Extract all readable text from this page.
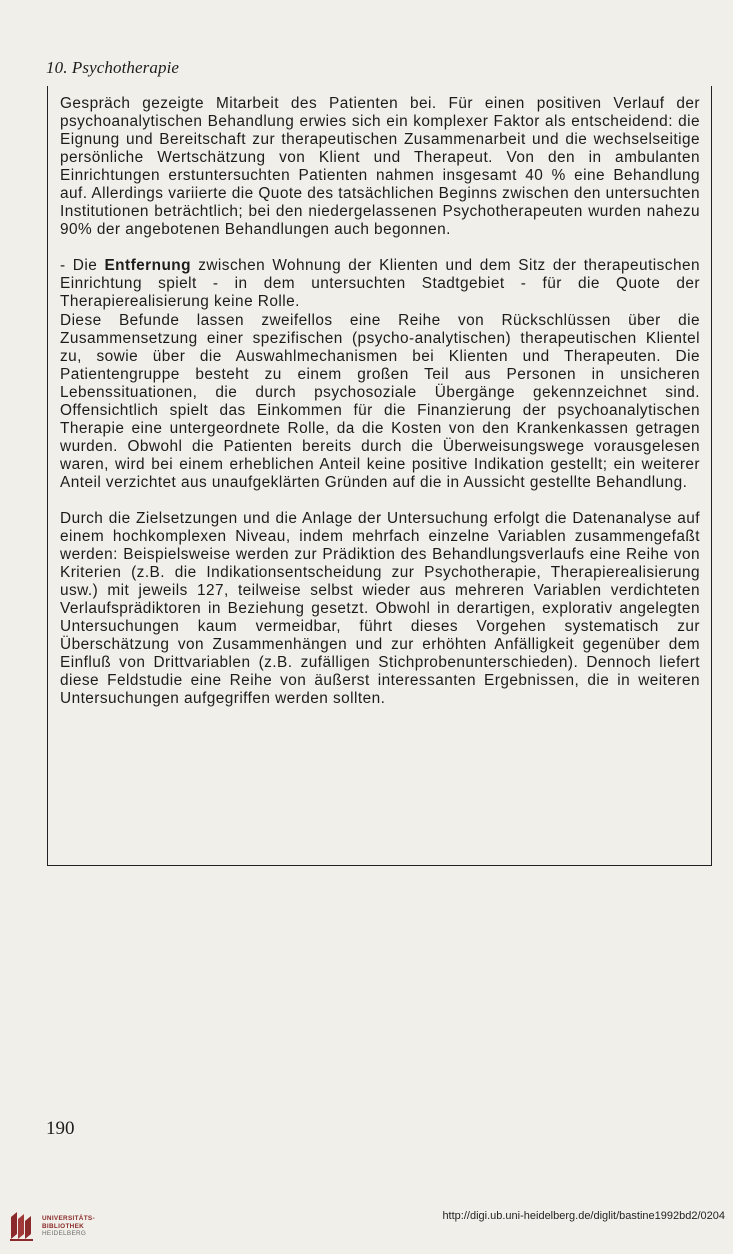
10. Psychotherapie

Gespräch gezeigte Mitarbeit des Patienten bei. Für einen positiven Verlauf der psychoanalytischen Behandlung erwies sich ein komplexer Faktor als entscheidend: die Eignung und Bereitschaft zur therapeutischen Zusammenarbeit und die wechselseitige persönliche Wertschätzung von Klient und Therapeut. Von den in ambulanten Einrichtungen erstuntersuchten Patienten nahmen insgesamt 40 % eine Behandlung auf. Allerdings variierte die Quote des tatsächlichen Beginns zwischen den untersuchten Institutionen beträchtlich; bei den niedergelassenen Psychotherapeuten wurden nahezu 90% der angebotenen Behandlungen auch begonnen.

- Die Entfernung zwischen Wohnung der Klienten und dem Sitz der therapeutischen Einrichtung spielt - in dem untersuchten Stadtgebiet - für die Quote der Therapierealisierung keine Rolle.

Diese Befunde lassen zweifellos eine Reihe von Rückschlüssen über die Zusammensetzung einer spezifischen (psycho-analytischen) therapeutischen Klientel zu, sowie über die Auswahlmechanismen bei Klienten und Therapeuten. Die Patientengruppe besteht zu einem großen Teil aus Personen in unsicheren Lebenssituationen, die durch psychosoziale Übergänge gekennzeichnet sind. Offensichtlich spielt das Einkommen für die Finanzierung der psychoanalytischen Therapie eine untergeordnete Rolle, da die Kosten von den Krankenkassen getragen wurden. Obwohl die Patienten bereits durch die Überweisungswege vorausgelesen waren, wird bei einem erheblichen Anteil keine positive Indikation gestellt; ein weiterer Anteil verzichtet aus unaufgeklärten Gründen auf die in Aussicht gestellte Behandlung.

Durch die Zielsetzungen und die Anlage der Untersuchung erfolgt die Datenanalyse auf einem hochkomplexen Niveau, indem mehrfach einzelne Variablen zusammengefaßt werden: Beispielsweise werden zur Prädiktion des Behandlungsverlaufs eine Reihe von Kriterien (z.B. die Indikationsentscheidung zur Psychotherapie, Therapierealisierung usw.) mit jeweils 127, teilweise selbst wieder aus mehreren Variablen verdichteten Verlaufsprädiktoren in Beziehung gesetzt. Obwohl in derartigen, explorativ angelegten Untersuchungen kaum vermeidbar, führt dieses Vorgehen systematisch zur Überschätzung von Zusammenhängen und zur erhöhten Anfälligkeit gegenüber dem Einfluß von Drittvariablen (z.B. zufälligen Stichprobenunterschieden). Dennoch liefert diese Feldstudie eine Reihe von äußerst interessanten Ergebnissen, die in weiteren Untersuchungen aufgegriffen werden sollten.

190
UNIVERSITÄTS-
BIBLIOTHEK
HEIDELBERG
http://digi.ub.uni-heidelberg.de/diglit/bastine1992bd2/0204
